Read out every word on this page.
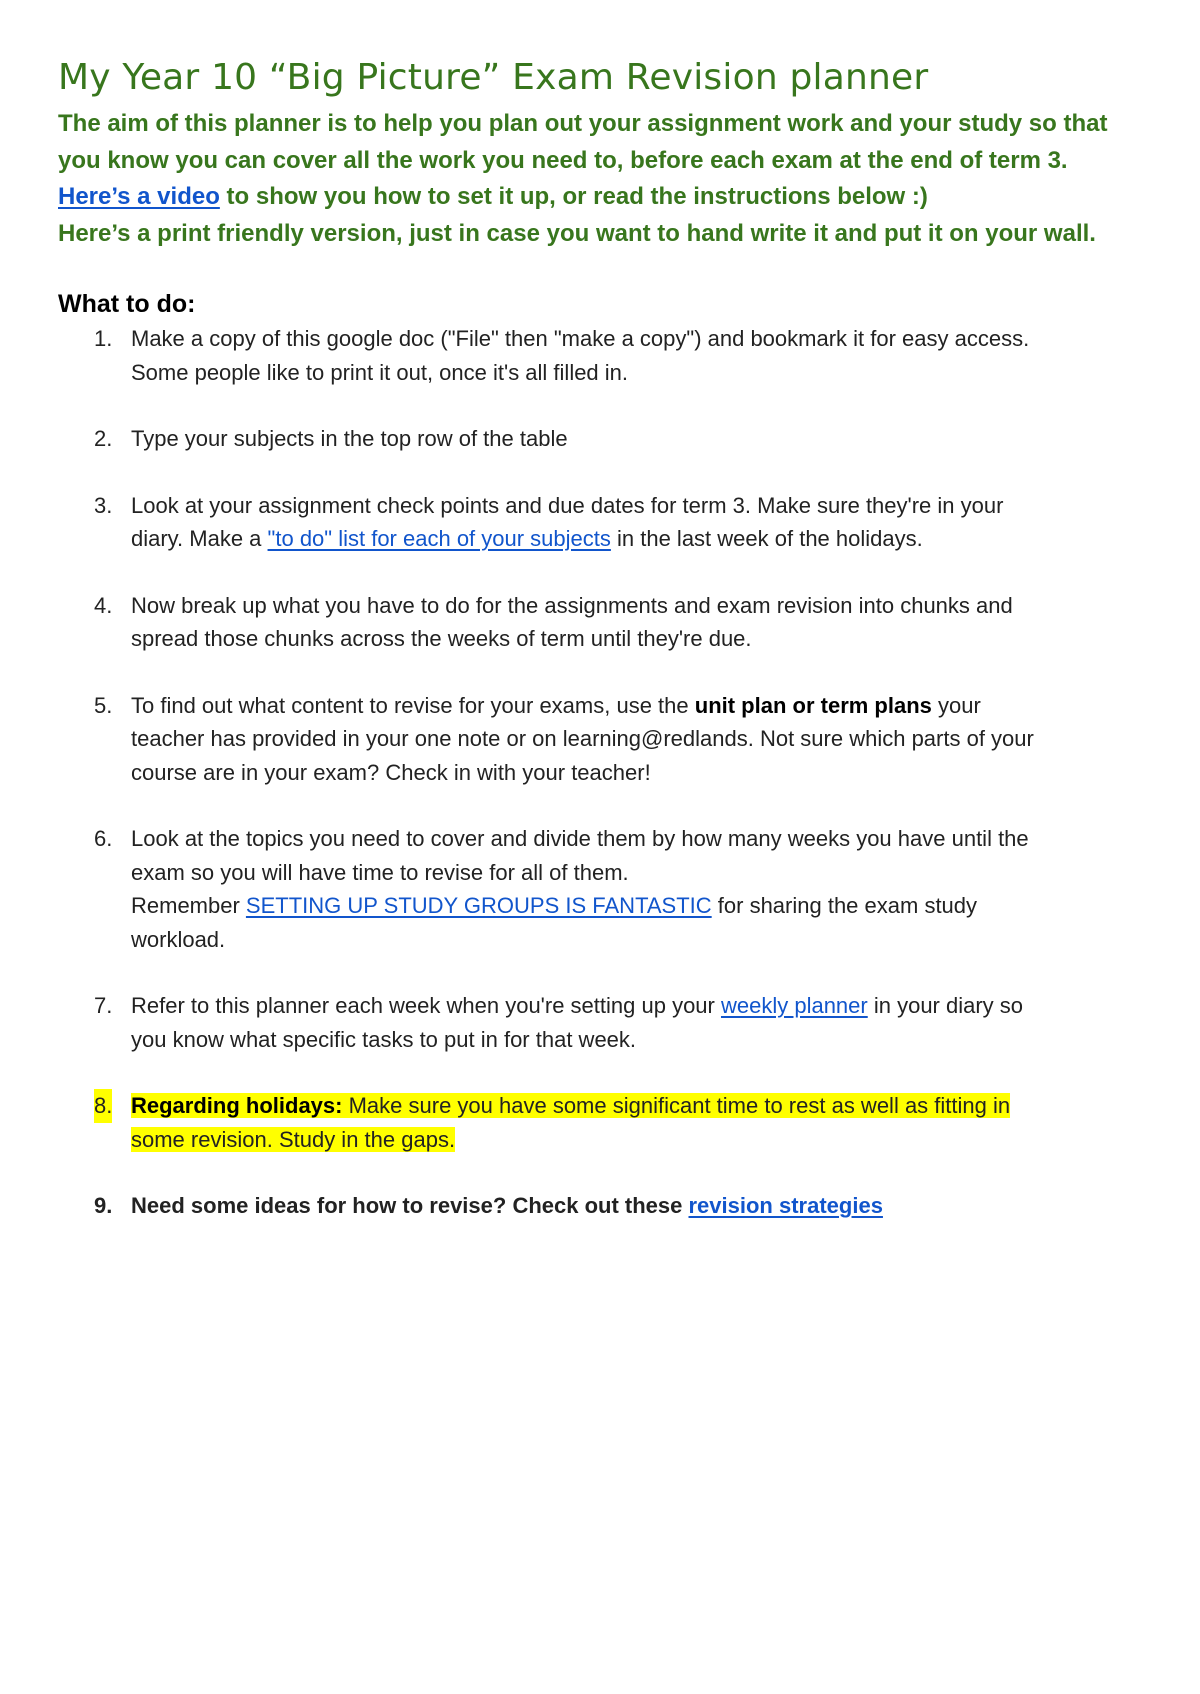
My Year 10 “Big Picture” Exam Revision planner

The aim of this planner is to help you plan out your assignment work and your study so that
you know you can cover all the work you need to, before each exam at the end of term 3.
Here’s a video to show you how to set it up, or read the instructions below :)
Here’s a print friendly version, just in case you want to hand write it and put it on your wall.

What to do:
1. Make a copy of this google doc ("File" then "make a copy") and bookmark it for easy access.
Some people like to print it out, once it's all filled in.
2. Type your subjects in the top row of the table
3. Look at your assignment check points and due dates for term 3. Make sure they're in your
diary. Make a "to do" list for each of your subjects in the last week of the holidays.
4. Now break up what you have to do for the assignments and exam revision into chunks and
spread those chunks across the weeks of term until they're due.
5. To find out what content to revise for your exams, use the unit plan or term plans your
teacher has provided in your one note or on learning@redlands. Not sure which parts of your
course are in your exam? Check in with your teacher!
6. Look at the topics you need to cover and divide them by how many weeks you have until the
exam so you will have time to revise for all of them.
Remember SETTING UP STUDY GROUPS IS FANTASTIC for sharing the exam study
workload.
7. Refer to this planner each week when you're setting up your weekly planner in your diary so
you know what specific tasks to put in for that week.
8. Regarding holidays: Make sure you have some significant time to rest as well as fitting in
some revision. Study in the gaps.
9. Need some ideas for how to revise? Check out these revision strategies
